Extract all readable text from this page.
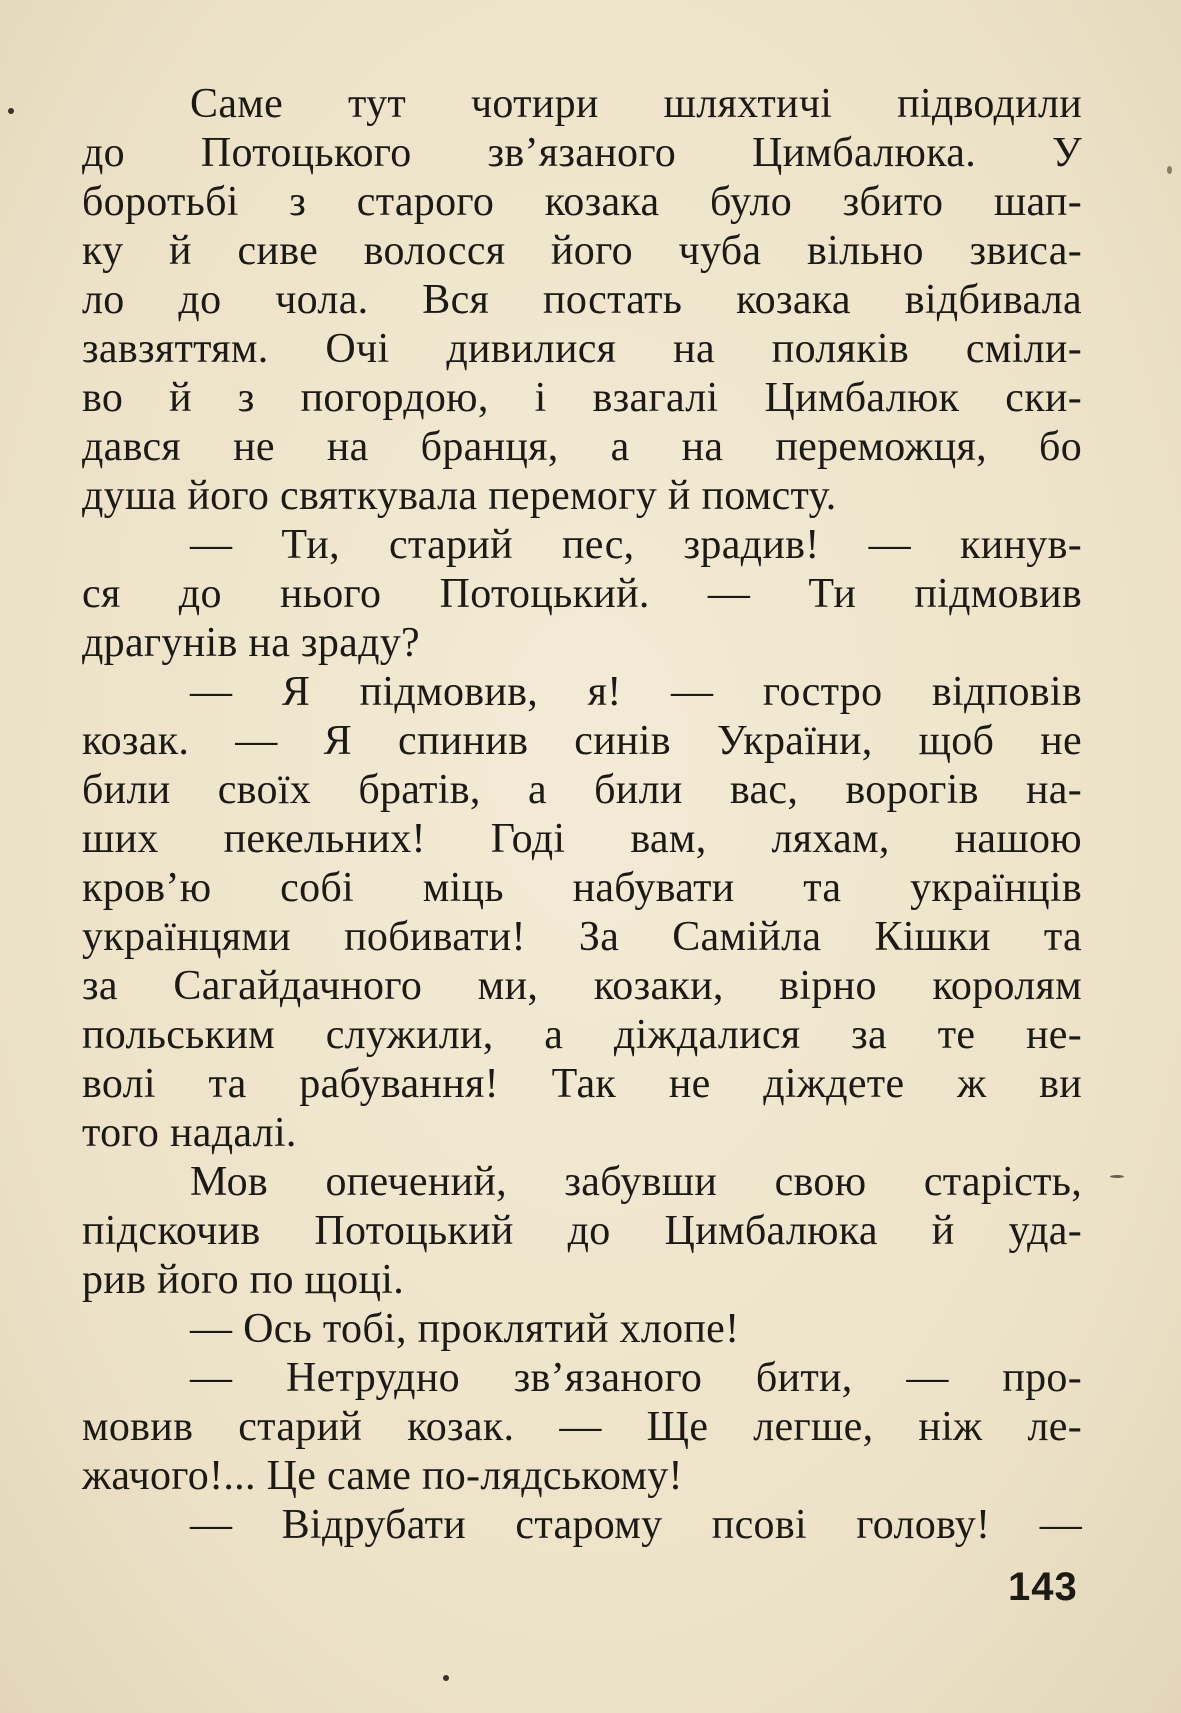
Саме тут чотири шляхтичі підводили
до Потоцького зв’язаного Цимбалюка. У
боротьбі з старого козака було збито шап-
ку й сиве волосся його чуба вільно звиса-
ло до чола. Вся постать козака відбивала
завзяттям. Очі дивилися на поляків сміли-
во й з погордою, і взагалі Цимбалюк ски-
дався не на бранця, а на переможця, бо
душа його святкувала перемогу й помсту.
— Ти, старий пес, зрадив! — кинув-
ся до нього Потоцький. — Ти підмовив
драгунів на зраду?
— Я підмовив, я! — гостро відповів
козак. — Я спинив синів України, щоб не
били своїх братів, а били вас, ворогів на-
ших пекельних! Годі вам, ляхам, нашою
кров’ю собі міць набувати та українців
українцями побивати! За Самійла Кішки та
за Сагайдачного ми, козаки, вірно королям
польським служили, а діждалися за те не-
волі та рабування! Так не діждете ж ви
того надалі.
Мов опечений, забувши свою старість,
підскочив Потоцький до Цимбалюка й уда-
рив його по щоці.
— Ось тобі, проклятий хлопе!
— Нетрудно зв’язаного бити, — про-
мовив старий козак. — Ще легше, ніж ле-
жачого!... Це саме по-лядському!
— Відрубати старому псові голову! —
143
